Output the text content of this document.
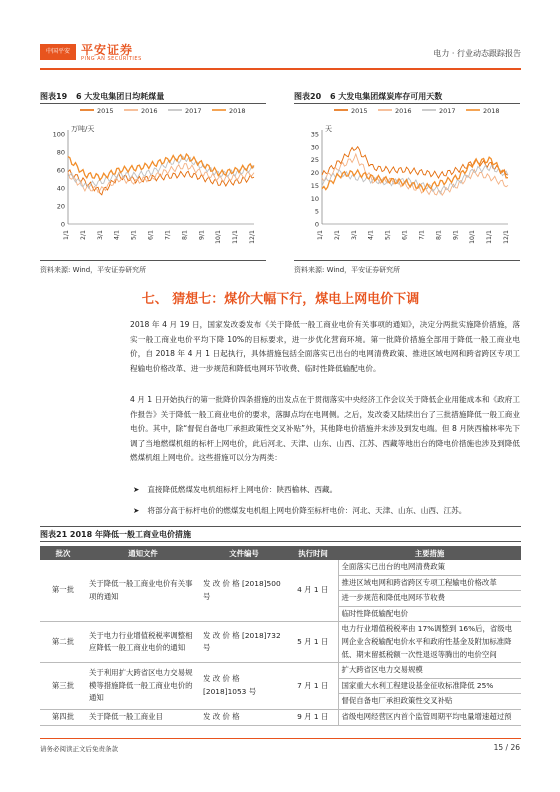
中国平安 平安证券
PING AN SECURITIES
电力 · 行业动态跟踪报告
图表19 6 大发电集团日均耗煤量
2015	2016	2017	2018
万吨/天
0
20
40
60
80
100
1/1 2/1 3/1 4/1 5/1 6/1 7/1 8/1 9/1 10/1 11/1 12/1
图表20 6 大发电集团煤炭库存可用天数
2015	2016	2017	2018
天
0
5
10
15
20
25
30
35
1/1 2/1 3/1 4/1 5/1 6/1 7/1 8/1 9/1 10/1 11/1 12/1
资料来源: Wind，平安证券研究所	资料来源: Wind，平安证券研究所
七、 猜想七：煤价大幅下行，煤电上网电价下调

2018 年 4 月 19 日，国家发改委发布《关于降低一般工商业电价有关事项的通知》，决定分两批实施降价措施，落实一般工商业电价平均下降 10%的目标要求，进一步优化营商环境。第一批降价措施全部用于降低一般工商业电价，自 2018 年 4 月 1 日起执行，具体措施包括全面落实已出台的电网清费政策、推进区域电网和跨省跨区专项工程输电价格改革、进一步规范和降低电网环节收费、临时性降低输配电价。

4 月 1 日开始执行的第一批降价四条措施的出发点在于贯彻落实中央经济工作会议关于降低企业用能成本和《政府工作报告》关于降低一般工商业电价的要求，落脚点均在电网侧。之后，发改委又陆续出台了三批措施降低一般工商业电价。其中，除“督促自备电厂承担政策性交叉补贴”外，其他降电价措施并未涉及到发电端。但 8 月陕西榆林率先下调了当地燃煤机组的标杆上网电价，此后河北、天津、山东、山西、江苏、西藏等地出台的降电价措施也涉及到降低燃煤机组上网电价。这些措施可以分为两类：

➤ 直接降低燃煤发电机组标杆上网电价：陕西榆林、西藏。
➤ 将部分高于标杆电价的燃煤发电机组上网电价降至标杆电价：河北、天津、山东、山西、江苏。
图表21 2018 年降低一般工商业电价措施
批次	通知文件	文件编号	执行时间	主要措施
第一批	关于降低一般工商业电价有关事项的通知	发 改 价 格 [2018]500 号	4 月 1 日	全面落实已出台的电网清费政策
				推进区域电网和跨省跨区专项工程输电价格改革
				进一步规范和降低电网环节收费
				临时性降低输配电价
第二批	关于电力行业增值税税率调整相应降低一般工商业电价的通知	发 改 价 格 [2018]732 号	5 月 1 日	电力行业增值税税率由 17%调整到 16%后，省级电网企业含税输配电价水平和政府性基金及附加标准降低、期末留抵税额一次性退返等腾出的电价空间
第三批	关于利用扩大跨省区电力交易规模等措施降低一般工商业电价的通知	发 改 价 格 [2018]1053 号	7 月 1 日	扩大跨省区电力交易规模
				国家重大水利工程建设基金征收标准降低 25%
				督促自备电厂承担政策性交叉补贴
第四批	关于降低一般工商业目	发 改 价 格	9 月 1 日	省级电网经营区内首个监管周期平均电量增速超过预
请务必阅读正文后免责条款	15 / 26
